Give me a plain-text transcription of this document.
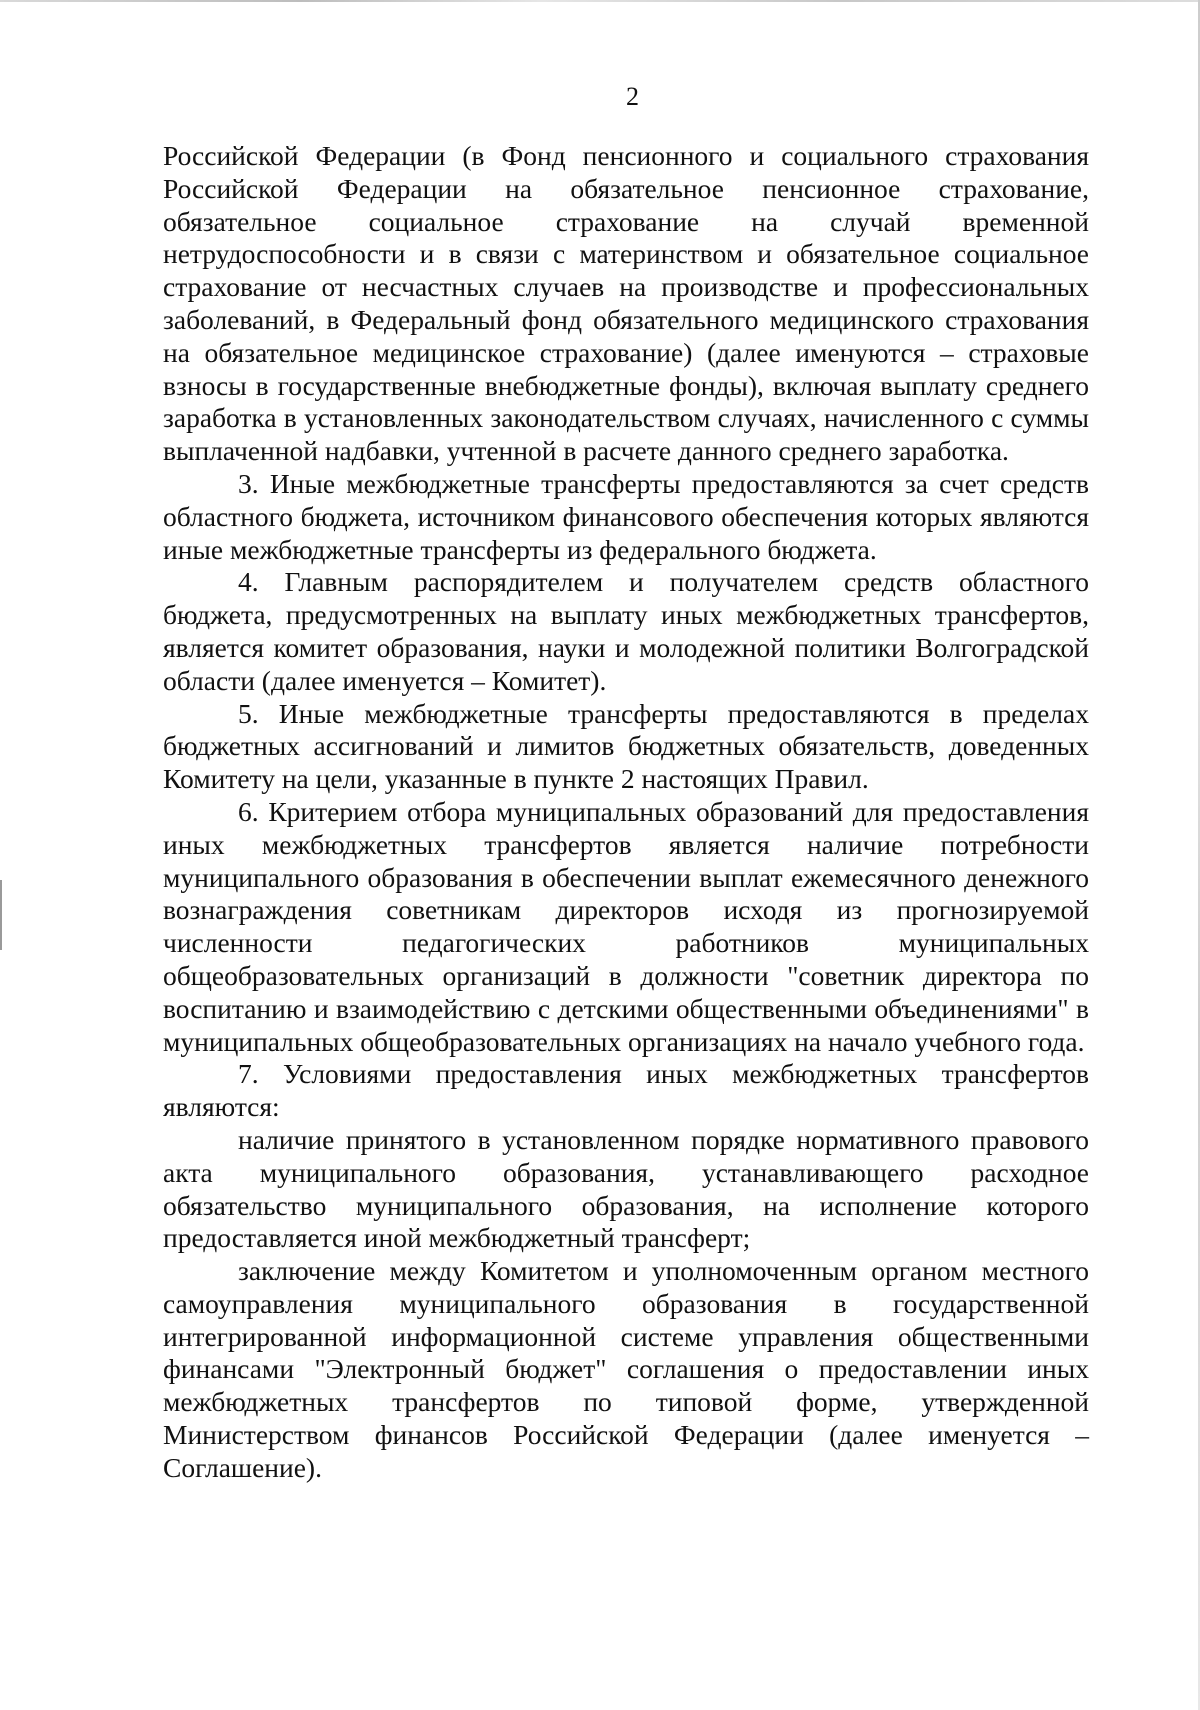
2

Российской Федерации (в Фонд пенсионного и социального страхования Российской Федерации на обязательное пенсионное страхование, обязательное социальное страхование на случай временной нетрудоспособности и в связи с материнством и обязательное социальное страхование от несчастных случаев на производстве и профессиональных заболеваний, в Федеральный фонд обязательного медицинского страхования на обязательное медицинское страхование) (далее именуются – страховые взносы в государственные внебюджетные фонды), включая выплату среднего заработка в установленных законодательством случаях, начисленного с суммы выплаченной надбавки, учтенной в расчете данного среднего заработка.

3. Иные межбюджетные трансферты предоставляются за счет средств областного бюджета, источником финансового обеспечения которых являются иные межбюджетные трансферты из федерального бюджета.

4. Главным распорядителем и получателем средств областного бюджета, предусмотренных на выплату иных межбюджетных трансфертов, является комитет образования, науки и молодежной политики Волгоградской области (далее именуется – Комитет).

5. Иные межбюджетные трансферты предоставляются в пределах бюджетных ассигнований и лимитов бюджетных обязательств, доведенных Комитету на цели, указанные в пункте 2 настоящих Правил.

6. Критерием отбора муниципальных образований для предоставления иных межбюджетных трансфертов является наличие потребности муниципального образования в обеспечении выплат ежемесячного денежного вознаграждения советникам директоров исходя из прогнозируемой численности педагогических работников муниципальных общеобразовательных организаций в должности "советник директора по воспитанию и взаимодействию с детскими общественными объединениями" в муниципальных общеобразовательных организациях на начало учебного года.

7. Условиями предоставления иных межбюджетных трансфертов являются:

наличие принятого в установленном порядке нормативного правового акта муниципального образования, устанавливающего расходное обязательство муниципального образования, на исполнение которого предоставляется иной межбюджетный трансферт;

заключение между Комитетом и уполномоченным органом местного самоуправления муниципального образования в государственной интегрированной информационной системе управления общественными финансами "Электронный бюджет" соглашения о предоставлении иных межбюджетных трансфертов по типовой форме, утвержденной Министерством финансов Российской Федерации (далее именуется – Соглашение).
